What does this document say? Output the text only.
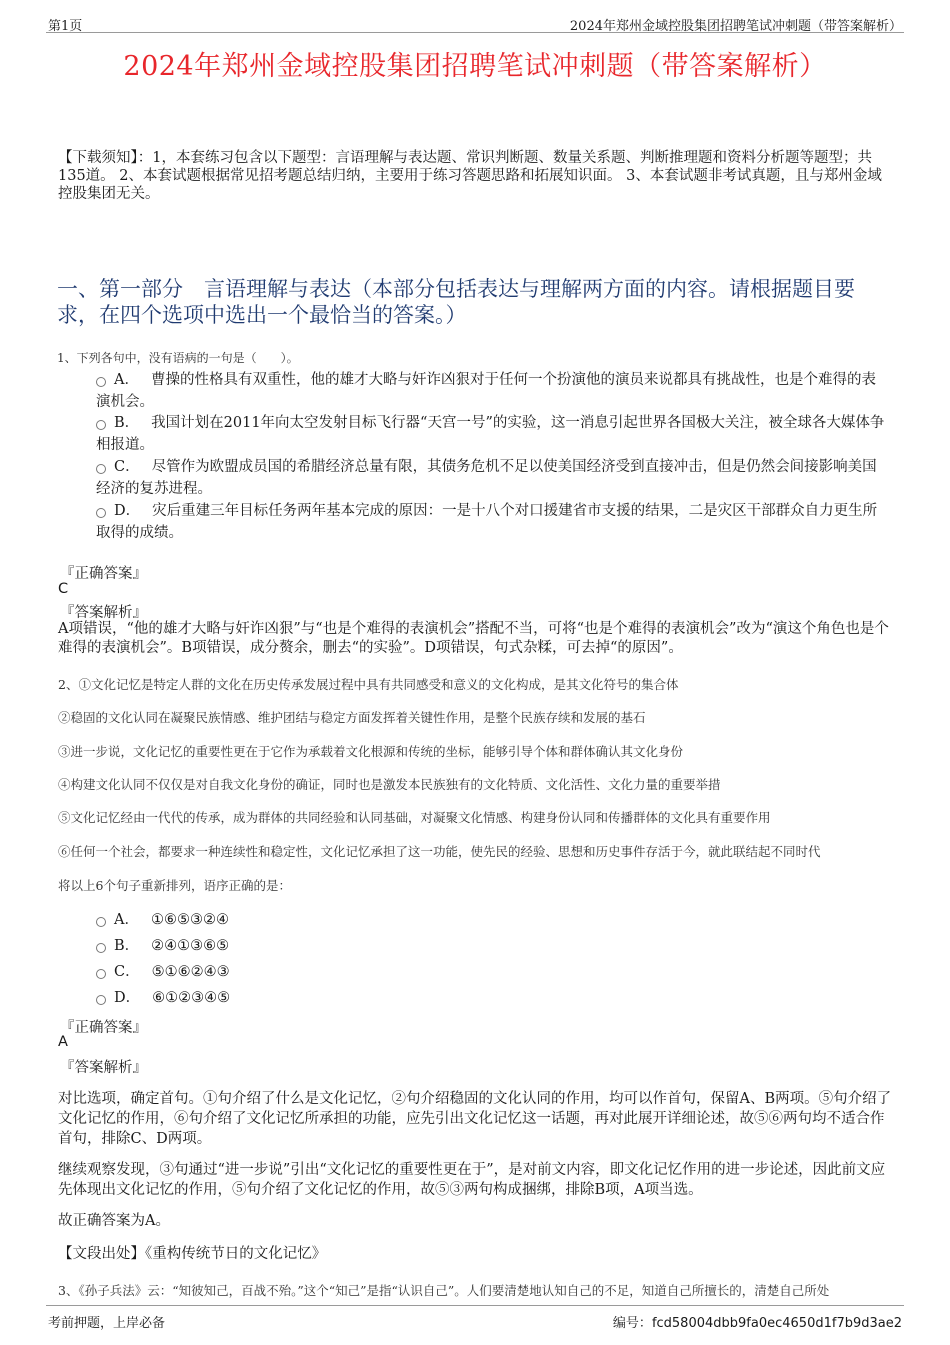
第1页	2024年郑州金域控股集团招聘笔试冲刺题（带答案解析）
2024年郑州金域控股集团招聘笔试冲刺题（带答案解析）
【下载须知】：1，本套练习包含以下题型：言语理解与表达题、常识判断题、数量关系题、判断推理题和资料分析题等题型；共135道。 2、本套试题根据常见招考题总结归纳，主要用于练习答题思路和拓展知识面。 3、本套试题非考试真题，且与郑州金域控股集团无关。
一、第一部分　言语理解与表达（本部分包括表达与理解两方面的内容。请根据题目要求，在四个选项中选出一个最恰当的答案。）
1、下列各句中，没有语病的一句是（　　）。
A． 曹操的性格具有双重性，他的雄才大略与奸诈凶狠对于任何一个扮演他的演员来说都具有挑战性，也是个难得的表演机会。
B． 我国计划在2011年向太空发射目标飞行器“天宫一号”的实验，这一消息引起世界各国极大关注，被全球各大媒体争相报道。
C． 尽管作为欧盟成员国的希腊经济总量有限，其债务危机不足以使美国经济受到直接冲击，但是仍然会间接影响美国经济的复苏进程。
D． 灾后重建三年目标任务两年基本完成的原因：一是十八个对口援建省市支援的结果，二是灾区干部群众自力更生所取得的成绩。
『正确答案』
C
『答案解析』
A项错误，“他的雄才大略与奸诈凶狠”与“也是个难得的表演机会”搭配不当，可将“也是个难得的表演机会”改为“演这个角色也是个难得的表演机会”。B项错误，成分赘余，删去“的实验”。D项错误，句式杂糅，可去掉“的原因”。
2、①文化记忆是特定人群的文化在历史传承发展过程中具有共同感受和意义的文化构成，是其文化符号的集合体
②稳固的文化认同在凝聚民族情感、维护团结与稳定方面发挥着关键性作用，是整个民族存续和发展的基石
③进一步说，文化记忆的重要性更在于它作为承载着文化根源和传统的坐标，能够引导个体和群体确认其文化身份
④构建文化认同不仅仅是对自我文化身份的确证，同时也是激发本民族独有的文化特质、文化活性、文化力量的重要举措
⑤文化记忆经由一代代的传承，成为群体的共同经验和认同基础，对凝聚文化情感、构建身份认同和传播群体的文化具有重要作用
⑥任何一个社会，都要求一种连续性和稳定性，文化记忆承担了这一功能，使先民的经验、思想和历史事件存活于今，就此联结起不同时代
将以上6个句子重新排列，语序正确的是：
A． ①⑥⑤③②④
B． ②④①③⑥⑤
C． ⑤①⑥②④③
D． ⑥①②③④⑤
『正确答案』
A
『答案解析』
对比选项，确定首句。①句介绍了什么是文化记忆，②句介绍稳固的文化认同的作用，均可以作首句，保留A、B两项。⑤句介绍了文化记忆的作用，⑥句介绍了文化记忆所承担的功能，应先引出文化记忆这一话题，再对此展开详细论述，故⑤⑥两句均不适合作首句，排除C、D两项。
继续观察发现，③句通过“进一步说”引出“文化记忆的重要性更在于”，是对前文内容，即文化记忆作用的进一步论述，因此前文应先体现出文化记忆的作用，⑤句介绍了文化记忆的作用，故⑤③两句构成捆绑，排除B项，A项当选。
故正确答案为A。
【文段出处】《重构传统节日的文化记忆》
3、《孙子兵法》云：“知彼知己，百战不殆。”这个“知己”是指“认识自己”。人们要清楚地认知自己的不足，知道自己所擅长的，清楚自己所处
考前押题，上岸必备	编号：fcd58004dbb9fa0ec4650d1f7b9d3ae2
